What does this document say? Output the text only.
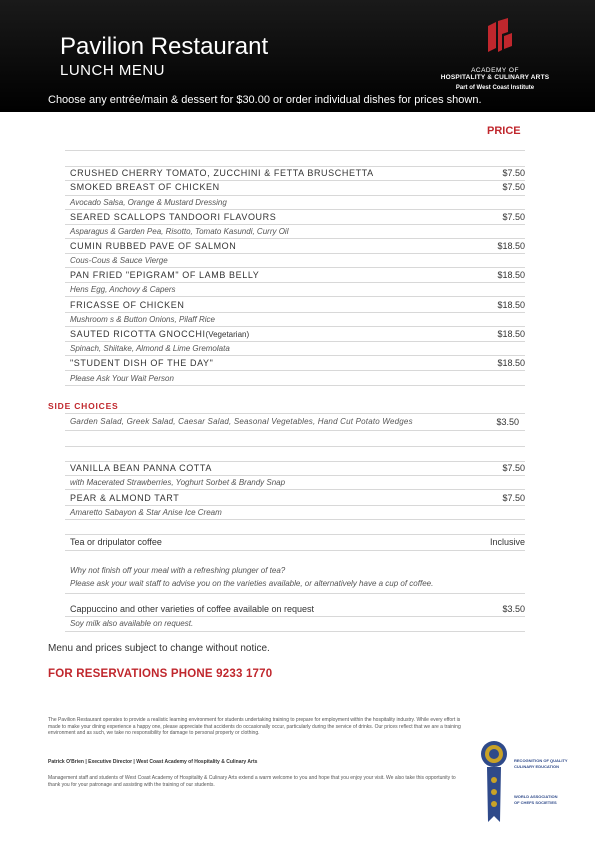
Pavilion Restaurant
LUNCH MENU
Choose any entrée/main & dessert for $30.00 or order individual dishes for prices shown.
ACADEMY OF
HOSPITALITY & CULINARY ARTS
Part of West Coast Institute
PRICE
CRUSHED CHERRY TOMATO, ZUCCHINI & FETTA BRUSCHETTA	$7.50
SMOKED BREAST OF CHICKEN	$7.50
Avocado Salsa, Orange & Mustard Dressing
SEARED SCALLOPS TANDOORI FLAVOURS	$7.50
Asparagus & Garden Pea, Risotto, Tomato Kasundi, Curry Oil
CUMIN RUBBED PAVE OF SALMON	$18.50
Cous-Cous & Sauce Vierge
PAN FRIED "EPIGRAM" OF LAMB BELLY	$18.50
Hens Egg, Anchovy & Capers
FRICASSE OF CHICKEN	$18.50
Mushroom s & Button Onions, Pilaff Rice
SAUTED RICOTTA GNOCCHI(Vegetarian)	$18.50
Spinach, Shiitake, Almond & Lime Gremolata
"STUDENT DISH OF THE DAY"	$18.50
Please Ask Your Wait Person
SIDE CHOICES
Garden Salad, Greek Salad, Caesar Salad, Seasonal Vegetables, Hand Cut Potato Wedges	$3.50
VANILLA BEAN PANNA COTTA	$7.50
with Macerated Strawberries, Yoghurt Sorbet & Brandy Snap
PEAR & ALMOND TART	$7.50
Amaretto Sabayon & Star Anise Ice Cream
Tea or dripulator coffee	Inclusive
Why not finish off your meal with a refreshing plunger of tea?
Please ask your wait staff to advise you on the varieties available, or alternatively have a cup of coffee.
Cappuccino and other varieties of coffee available on request	$3.50
Soy milk also available on request.
Menu and prices subject to change without notice.
FOR RESERVATIONS PHONE 9233 1770
The Pavilion Restaurant operates to provide a realistic learning environment for students undertaking training to prepare for employment within the hospitality industry. While every effort is made to make your dining experience a happy one, please appreciate that accidents do occasionally occur, particularly during the service of drinks. Our prices reflect that we are a training environment and as such, we take no responsibility for damage to personal property or clothing.
Patrick O'Brien | Executive Director | West Coast Academy of Hospitality & Culinary Arts
Management staff and students of West Coast Academy of Hospitality & Culinary Arts extend a warm welcome to you and hope that you enjoy your visit. We also take this opportunity to thank you for your patronage and assisting with the training of our students.
RECOGNITION OF QUALITY
CULINARY EDUCATION
WORLD ASSOCIATION
OF CHEFS SOCIETIES
